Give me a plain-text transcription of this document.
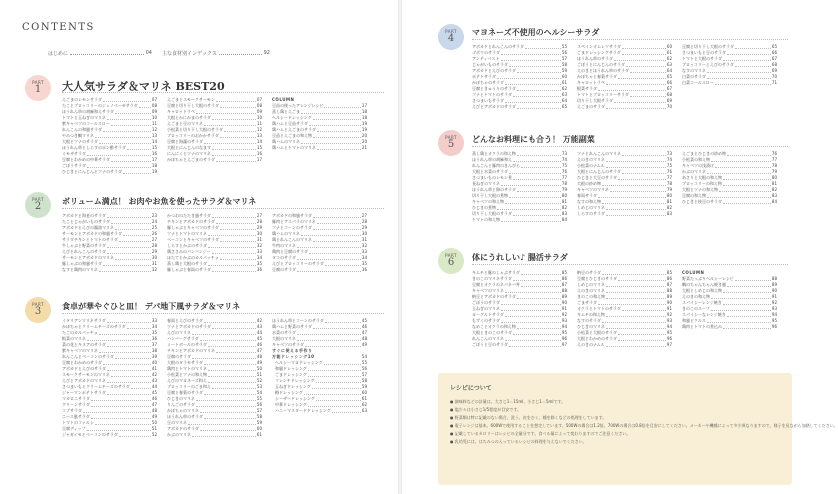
CONTENTS
はじめに	04 主な食材別インデックス	92
PART
1	大人気サラダ＆マリネ BEST20
えごまのレモンサラダ	07
たことブロッコリーのジェノベーゼサラダ	08
ほうれん草の胡麻和えサラダ	09
トマトと玉ねぎのマリネ	10
紫キャベツのコールスロー	11
れんこんの和風サラダ	12
やみつき鯛マリネ	13
大根とツナのサラダ	14
ほうれん草としらすのポン酢サラダ	15
ミモザサラダ	16
豆腐とわかめの中華サラダ	17
ごぼうサラダ	18
ひじきとにんじんとツナのサラダ	19
えごまとスモークサーモン	07
豆腐と切り干し大根のサラダ	08
キャロットラペ	09
大根とかにかまのサラダ	10
えごまと豆のマリネ	11
小松菜と切り干し大根のサラダ	12
ブロッコリーのおかかサラダ	13
豆腐と海藻のサラダ	14
大根とにんじんのなます	15
にんにくとツナのマリネ	16
かぼちゃとえごまのサラダ	17
COLUMN
豆苗の使ったアレンジレシピ	17
蒸し鶏とえごま	18
ヘルシードレッシング	18
鶏ハムと豆苗サラダ	19
鶏ハムとえごまのサラダ	19
豆苗とえごまの和え物	20
鶏ハムのマリネ	20
鶏ハムとトマトのマリネ	21
PART
2	ボリューム満点！ お肉やお魚を使ったサラダ＆マリネ
アボカドと海老のサラダ	23
たことじゃがいものサラダ	24
アボカドとえびの醤油マリネ	25
サーモンとアボカドの和風サラダ	26
サラダチキンとトマトのサラダ	27
牛しゃぶと野菜のサラダ	28
えびとれんこんのサラダ	29
サーモンとアボカドのマリネ	30
豚しゃぶの和風サラダ	31
なすと鶏肉のマリネ	32
かつおのたたき風サラダ	27
チキンとアボカドのサラダ	28
豚しゃぶとキャベツのサラダ	29
ツナとトマトのマリネ	30
ベーコンとキャベツのサラダ	31
しらすとかぶのサラダ	32
鶏ささみのバンバンジー	33
ほたてとかぶのカルパッチョ	34
蒸し鶏と大根のサラダ	35
豚しゃぶと春雨のサラダ	36
アボカドの和風サラダ	27
豚肉とアスパラのマリネ	28
ツナとコーンのサラダ	29
鶏ハムのマリネ	30
鶏とれんこんのマリネ	31
牛肉のマリネ	32
鶏肉と豆腐のサラダ	33
タコのサラダ	34
えびとブロッコリーのサラダ	35
豆腐のサラダ	36
PART
3	食卓が華やぐひと皿！ デパ地下風サラダ＆マリネ
イタリアンマリネサラダ	33
かぼちゃとクリームチーズのサラダ	34
たこのカルパッチョ	35
根菜のマリネ	36
菜の花とキヌアのサラダ	37
紫キャベツのマリネ	38
れんこんとベーコンのサラダ	39
豆腐とわかめのサラダ	40
アボカドとえびのサラダ	41
スモークサーモンのマリネ	42
えびとアボカドのマリネ	43
さつまいもとクリームチーズのサラダ	44
ジャーマンポテトサラダ	45
マカロニサラダ	46
グリーンサラダ	47
コブサラダ	48
ニース風サラダ	49
トマトのファルシ	50
豆腐ディップ	51
ジャガイモとベーコンのサラダ	52
春雨とえびのサラダ	42
ツナとアボカドのサラダ	43
えびのマリネ	44
ハンバーグサラダ	45
ミートボールのサラダ	46
チキンとアボカドのマリネ	47
豆腐のサラダ	48
大根のタラモサラダ	49
鶏肉とトマトのマリネ	50
小松菜とツナの和え物	51
えびのマヨネーズ和え	52
ブロッコリーのごま和え	53
豆腐と春菊のサラダ	54
ひじきのマリネ	55
りんごのサラダ	56
かぼちゃのマリネ	57
ほうれん草のサラダ	58
豆のマリネ	59
アボカドのサラダ	60
かぶのマリネ	61
ほうれん草とコーンのサラダ	45
鶏ハムと野菜のサラダ	46
水菜のサラダ	47
大根のマリネ	48
キャベツのサラダ	49
すぐに使える手作り
万能ドレッシング10	54
ヘルシーマヨドレッシング	55
和風ドレッシング	56
ごまドレッシング	57
フレンチドレッシング	58
玉ねぎドレッシング	59
梅ドレッシング	60
シーザードレッシング	61
中華ドレッシング	62
ハニーマスタードドレッシング	63
PART
4
マヨネーズ不使用のヘルシーサラダ
アボカドとれんこんのサラダ	55
ゴボウのサラダ	56
アンティパスト	57
じゃがいものサラダ	58
アボカドとえびのサラダ	59
ポテトサラダ	60
かぼちゃのサラダ	61
豆腐ときゅうりのサラダ	62
ツナとトマトのサラダ	63
さつまいもサラダ	64
えびとアボカドのサラダ	65
スペインオムレツサラダ	60
ごまドレッシングサラダ	61
ほうれん草のサラダ	62
ごぼうとにんじんのサラダ	63
えのきとほうれん草のサラダ	64
かぼちゃと春菊サラダ	65
キャロットラペ	66
根菜サラダ	67
トマトとブロッコリーサラダ	68
切り干し大根サラダ	69
えごまのサラダ	70
豆腐と切り干し大根のサラダ	65
さつまいもと豆のサラダ	66
トマトと大根のサラダ	67
ブロッコリーとえびのサラダ	68
なすのマリネ	69
白菜のサラダ	70
白菜コールスロー	71
PART
5	どんなお料理にも合う！ 万能副菜
蒸し鶏とオクラの和え物	73
ほうれん草の胡麻和え	74
れんこんと豚肉のきんぴら	75
大根と水菜のサラダ	76
さつまいものレモン煮	77
長ねぎのマリネ	78
ほうれん草と卵のサラダ	79
切り干し大根の煮物	80
キャベツの和え物	81
ひじきの煮物	82
切り干し大根のサラダ	83
トマトの和え物	84
ツナとれんこんのマリネ	73
えのきのマリネ	74
小松菜のナムル	75
大根とにんじんのサラダ	76
ひじきと大豆のサラダ	77
大根の炒め物	78
キャベツのマリネ	79
春雨サラダ	80
なすの和え物	81
しめじのマリネ	82
しらすのサラダ	83
えごまとひじきの炒め物	76
小松菜の和え物	77
キャベツの浅漬け	78
かぶのマリネ	79
あさりと大根の和え物	80
ブロッコリーの和え物	81
大根とツナの和え物	82
豆腐の和え物	83
ひじきと枝豆のサラダ	84
PART
6	体にうれしい♪ 腸活サラダ
キムチと豚のしゃぶサラダ	85
きのこのマリネサラダ	86
豆腐とオクラのネバネバ丼	87
キャベツのマリネ	88
納豆とアボカドのサラダ	89
ごぼうのサラダ	90
玉ねぎのマリネ	91
ヨーグルトサラダ	92
もずくのサラダ	93
なめことオクラの和え物	94
大根ときのこのサラダ	95
れんこんのマリネ	96
ごぼうと豆のサラダ	97
納豆のサラダ	85
豆腐とひじきのサラダ	86
しめじのマリネ	87
えのきのマリネ	88
きのこの和え物	89
ごまサラダ	90
オクラとトマトのサラダ	91
キムチの和え物	92
なすのサラダ	93
ひじきのマリネ	94
小松菜と大根のサラダ	95
大根とわかめのサラダ	96
えのきのナムル	97
COLUMN
野菜たっぷりヘルシーレシピ	88
鯛のちゃんちゃん焼き風	89
大根としめじの和え物	90
えのきの和え物	91
スパイシーレンジ焼き	92
きのこのスープ	93
スパイシーなレンジ焼き	94
和風ピクルス	95
鶏肉とトマトの煮込み	96
レシピについて
● 調味料などの計量は、大さじ1＝15ml、小さじ1＝5mlです。
● 塩少々は小さじ1/5程度が目安です。
● 野菜類は特に記載のない場合、洗う、皮をむく、種を除くなどの処理をしています。
● 電子レンジは基本、600Wで使用することを想定しています。500Wの場合は1.2倍、700Wの場合は0.8倍を目安にしてください。メーカーや機種によって多少異なりますので、様子を見ながら加熱してください。
● 記載しているカロリーはレシピの全量分です。食べる量によって変わりますのでご注意ください。
● 乳幼児には、はちみつの入っているレシピの料理を与えないでください。
